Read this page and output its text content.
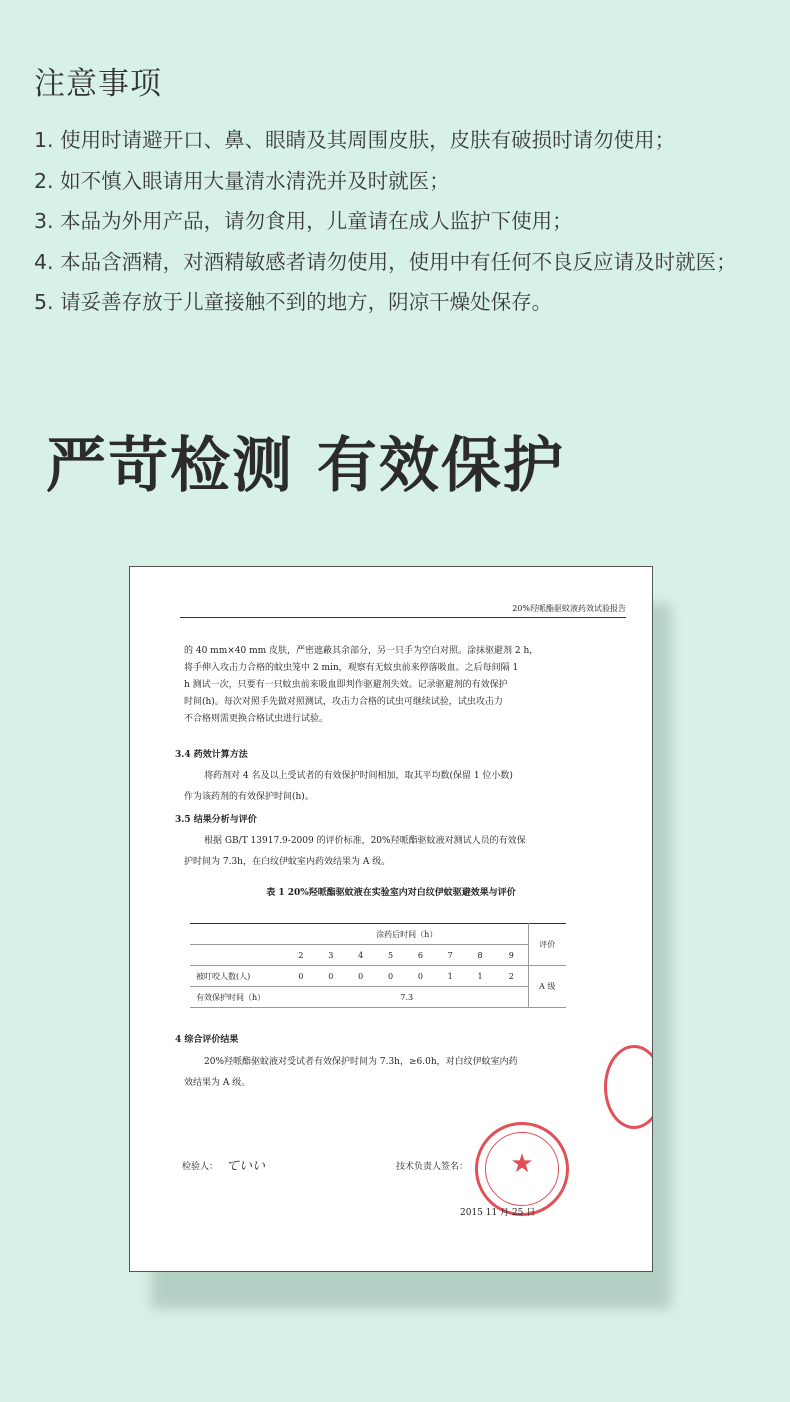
注意事项
1. 使用时请避开口、鼻、眼睛及其周围皮肤，皮肤有破损时请勿使用；
2. 如不慎入眼请用大量清水清洗并及时就医；
3. 本品为外用产品，请勿食用，儿童请在成人监护下使用；
4. 本品含酒精，对酒精敏感者请勿使用，使用中有任何不良反应请及时就医；
5. 请妥善存放于儿童接触不到的地方，阴凉干燥处保存。
严苛检测 有效保护
20%羟哌酯驱蚊液药效试验报告

的 40 mm×40 mm 皮肤，严密遮蔽其余部分，另一只手为空白对照。涂抹驱避剂 2 h，

将手伸入攻击力合格的蚊虫笼中 2 min，观察有无蚊虫前来停落吸血。之后每间隔 1

h 测试一次，只要有一只蚊虫前来吸血即判作驱避剂失效。记录驱避剂的有效保护

时间(h)。每次对照手先做对照测试，攻击力合格的试虫可继续试验，试虫攻击力

不合格则需更换合格试虫进行试验。

3.4 药效计算方法
将药剂对 4 名及以上受试者的有效保护时间相加，取其平均数(保留 1 位小数)
作为该药剂的有效保护时间(h)。
3.5 结果分析与评价
根据 GB/T 13917.9-2009 的评价标准，20%羟哌酯驱蚊液对测试人员的有效保
护时间为 7.3h，在白纹伊蚊室内药效结果为 A 级。
表 1 20%羟哌酯驱蚊液在实验室内对白纹伊蚊驱避效果与评价
	涂药后时间（h）								评价
	2	3	4	5	6	7	8	9	
被叮咬人数(人)	0	0	0	0	0	1	1	2	A 级
有效保护时间（h）	7.3								
4 综合评价结果
20%羟哌酯驱蚊液对受试者有效保护时间为 7.3h，≥6.0h，对白纹伊蚊室内药
效结果为 A 级。
★
检验人： ていい	技术负责人签名：
2015 11 月 25 日
